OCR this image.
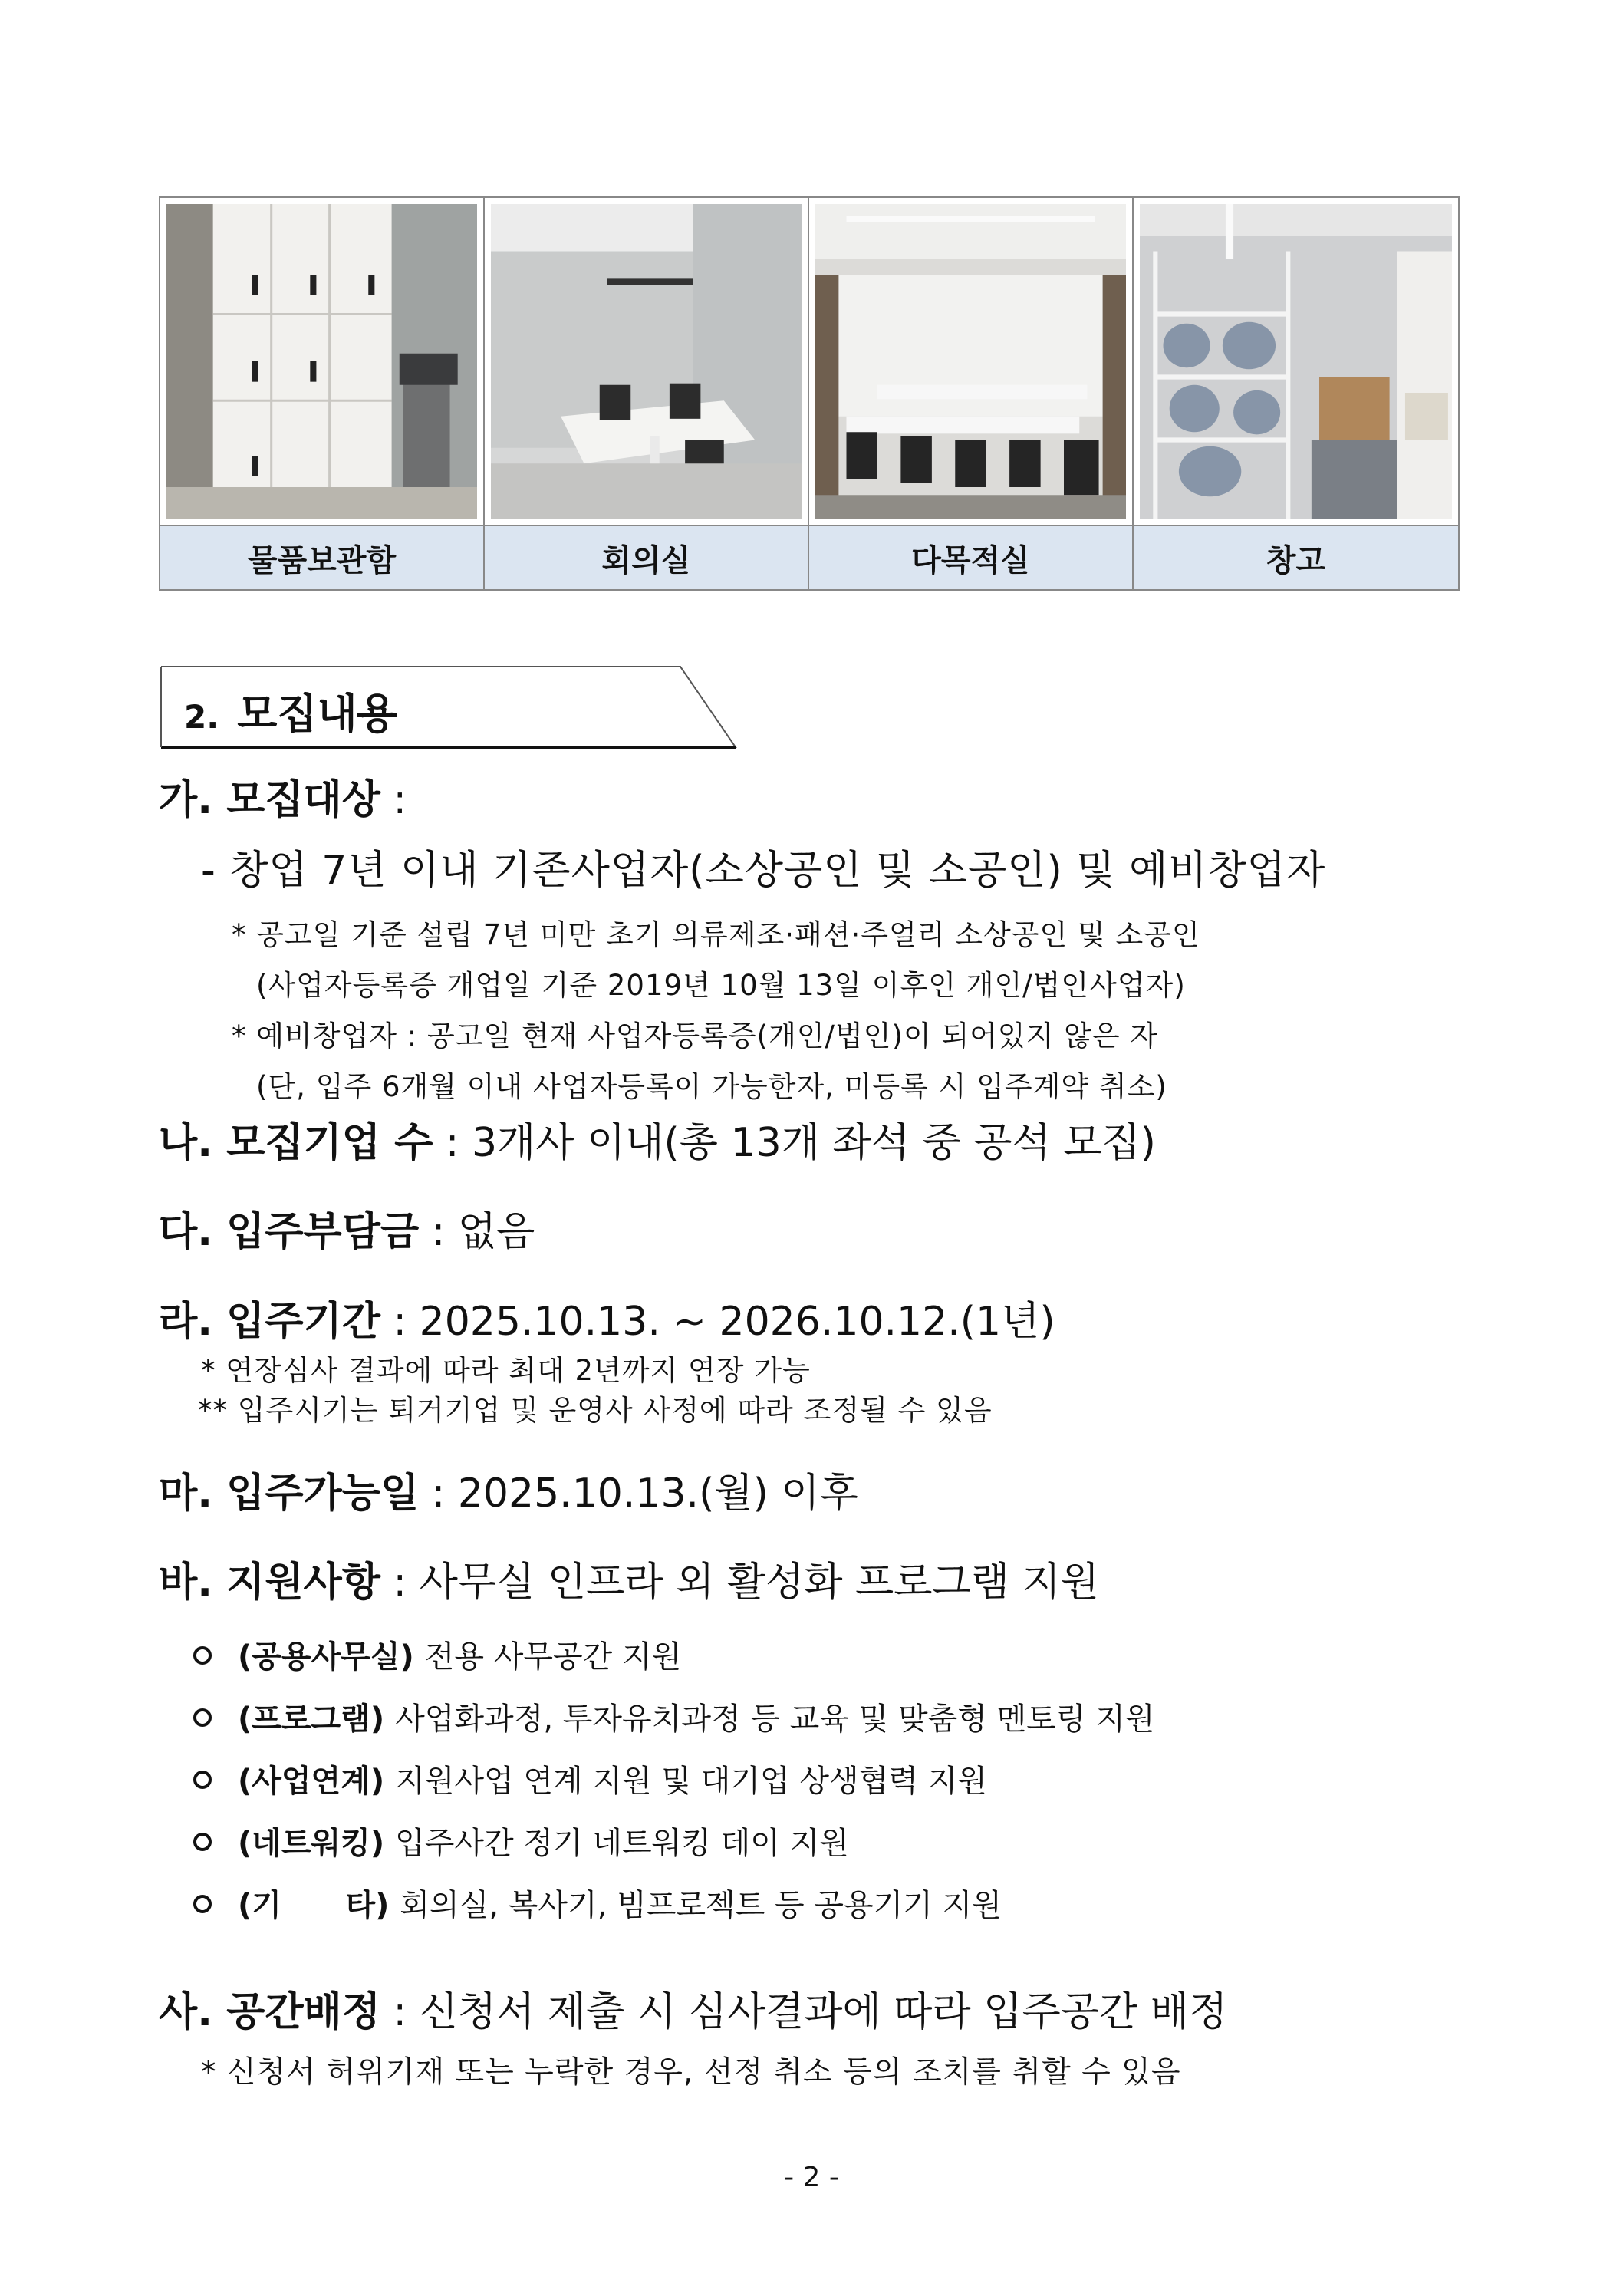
물품보관함	회의실	다목적실	창고
2. 모집내용
가. 모집대상 :
- 창업 7년 이내 기존사업자(소상공인 및 소공인) 및 예비창업자
* 공고일 기준 설립 7년 미만 초기 의류제조·패션·주얼리 소상공인 및 소공인
(사업자등록증 개업일 기준 2019년 10월 13일 이후인 개인/법인사업자)
* 예비창업자 : 공고일 현재 사업자등록증(개인/법인)이 되어있지 않은 자
(단, 입주 6개월 이내 사업자등록이 가능한자, 미등록 시 입주계약 취소)
나. 모집기업 수 : 3개사 이내(총 13개 좌석 중 공석 모집)
다. 입주부담금 : 없음
라. 입주기간 : 2025.10.13. ~ 2026.10.12.(1년)
* 연장심사 결과에 따라 최대 2년까지 연장 가능
** 입주시기는 퇴거기업 및 운영사 사정에 따라 조정될 수 있음
마. 입주가능일 : 2025.10.13.(월) 이후
바. 지원사항 : 사무실 인프라 외 활성화 프로그램 지원
(공용사무실) 전용 사무공간 지원
(프로그램) 사업화과정, 투자유치과정 등 교육 및 맞춤형 멘토링 지원
(사업연계) 지원사업 연계 지원 및 대기업 상생협력 지원
(네트워킹) 입주사간 정기 네트워킹 데이 지원
(기      타) 회의실, 복사기, 빔프로젝트 등 공용기기 지원
사. 공간배정 : 신청서 제출 시 심사결과에 따라 입주공간 배정
* 신청서 허위기재 또는 누락한 경우, 선정 취소 등의 조치를 취할 수 있음
- 2 -
